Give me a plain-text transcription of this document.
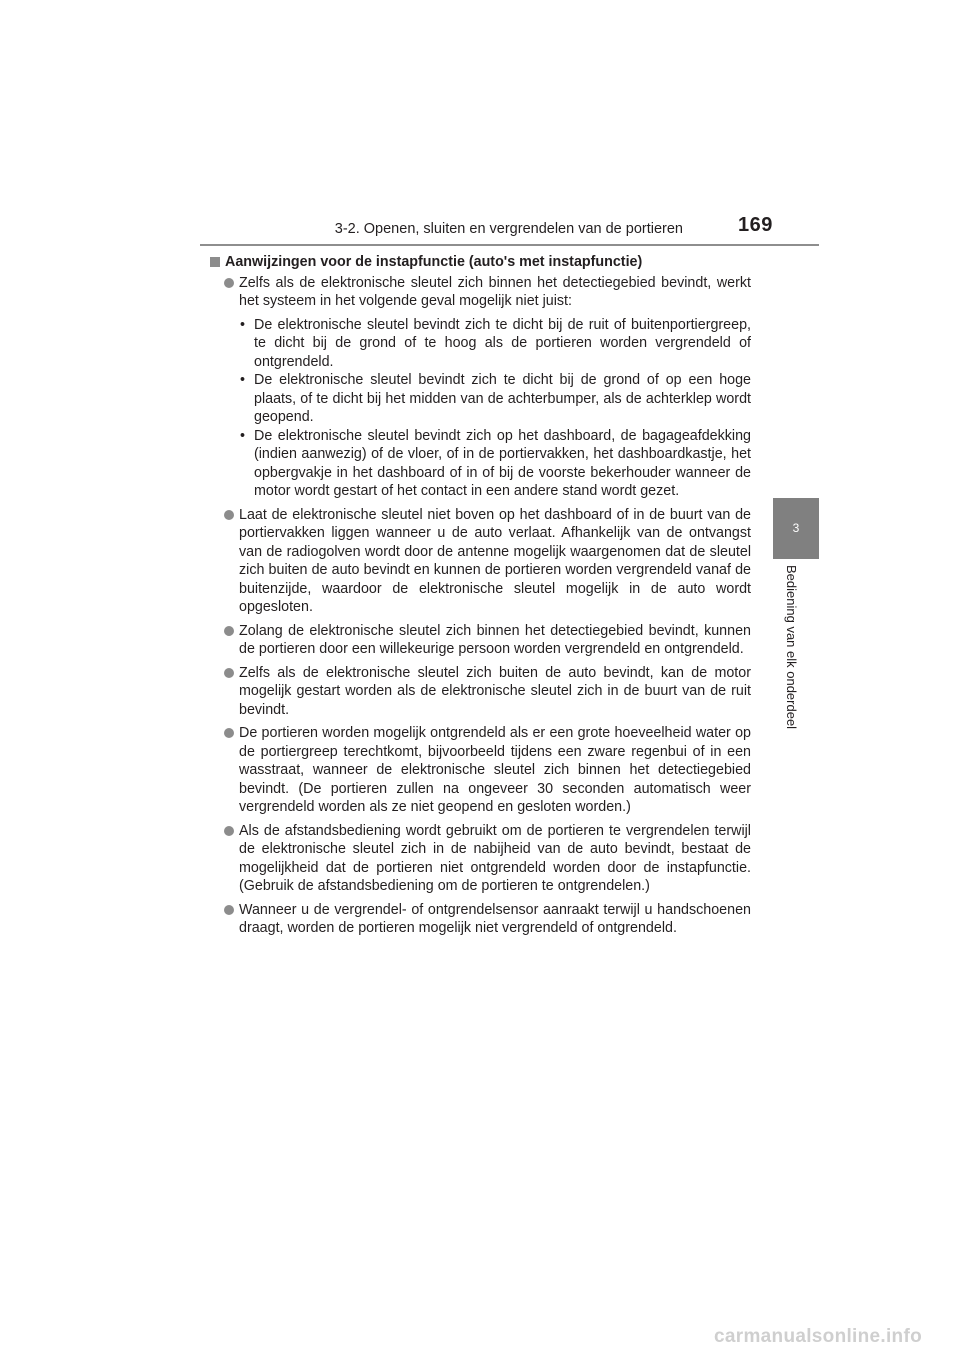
3-2. Openen, sluiten en vergrendelen van de portieren	169
3
Bediening van elk onderdeel
Aanwijzingen voor de instapfunctie (auto's met instapfunctie)
Zelfs als de elektronische sleutel zich binnen het detectiegebied bevindt, werkt het systeem in het volgende geval mogelijk niet juist:
• De elektronische sleutel bevindt zich te dicht bij de ruit of buitenportiergreep, te dicht bij de grond of te hoog als de portieren worden vergrendeld of ontgrendeld.
• De elektronische sleutel bevindt zich te dicht bij de grond of op een hoge plaats, of te dicht bij het midden van de achterbumper, als de achterklep wordt geopend.
• De elektronische sleutel bevindt zich op het dashboard, de bagageafdekking (indien aanwezig) of de vloer, of in de portiervakken, het dashboardkastje, het opbergvakje in het dashboard of in of bij de voorste bekerhouder wanneer de motor wordt gestart of het contact in een andere stand wordt gezet.
Laat de elektronische sleutel niet boven op het dashboard of in de buurt van de portiervakken liggen wanneer u de auto verlaat. Afhankelijk van de ontvangst van de radiogolven wordt door de antenne mogelijk waargenomen dat de sleutel zich buiten de auto bevindt en kunnen de portieren worden vergrendeld vanaf de buitenzijde, waardoor de elektronische sleutel mogelijk in de auto wordt opgesloten.
Zolang de elektronische sleutel zich binnen het detectiegebied bevindt, kunnen de portieren door een willekeurige persoon worden vergrendeld en ontgrendeld.
Zelfs als de elektronische sleutel zich buiten de auto bevindt, kan de motor mogelijk gestart worden als de elektronische sleutel zich in de buurt van de ruit bevindt.
De portieren worden mogelijk ontgrendeld als er een grote hoeveelheid water op de portiergreep terechtkomt, bijvoorbeeld tijdens een zware regenbui of in een wasstraat, wanneer de elektronische sleutel zich binnen het detectiegebied bevindt. (De portieren zullen na ongeveer 30 seconden automatisch weer vergrendeld worden als ze niet geopend en gesloten worden.)
Als de afstandsbediening wordt gebruikt om de portieren te vergrendelen terwijl de elektronische sleutel zich in de nabijheid van de auto bevindt, bestaat de mogelijkheid dat de portieren niet ontgrendeld worden door de instapfunctie. (Gebruik de afstandsbediening om de portieren te ontgrendelen.)
Wanneer u de vergrendel- of ontgrendelsensor aanraakt terwijl u handschoenen draagt, worden de portieren mogelijk niet vergrendeld of ontgrendeld.
carmanualsonline.info
